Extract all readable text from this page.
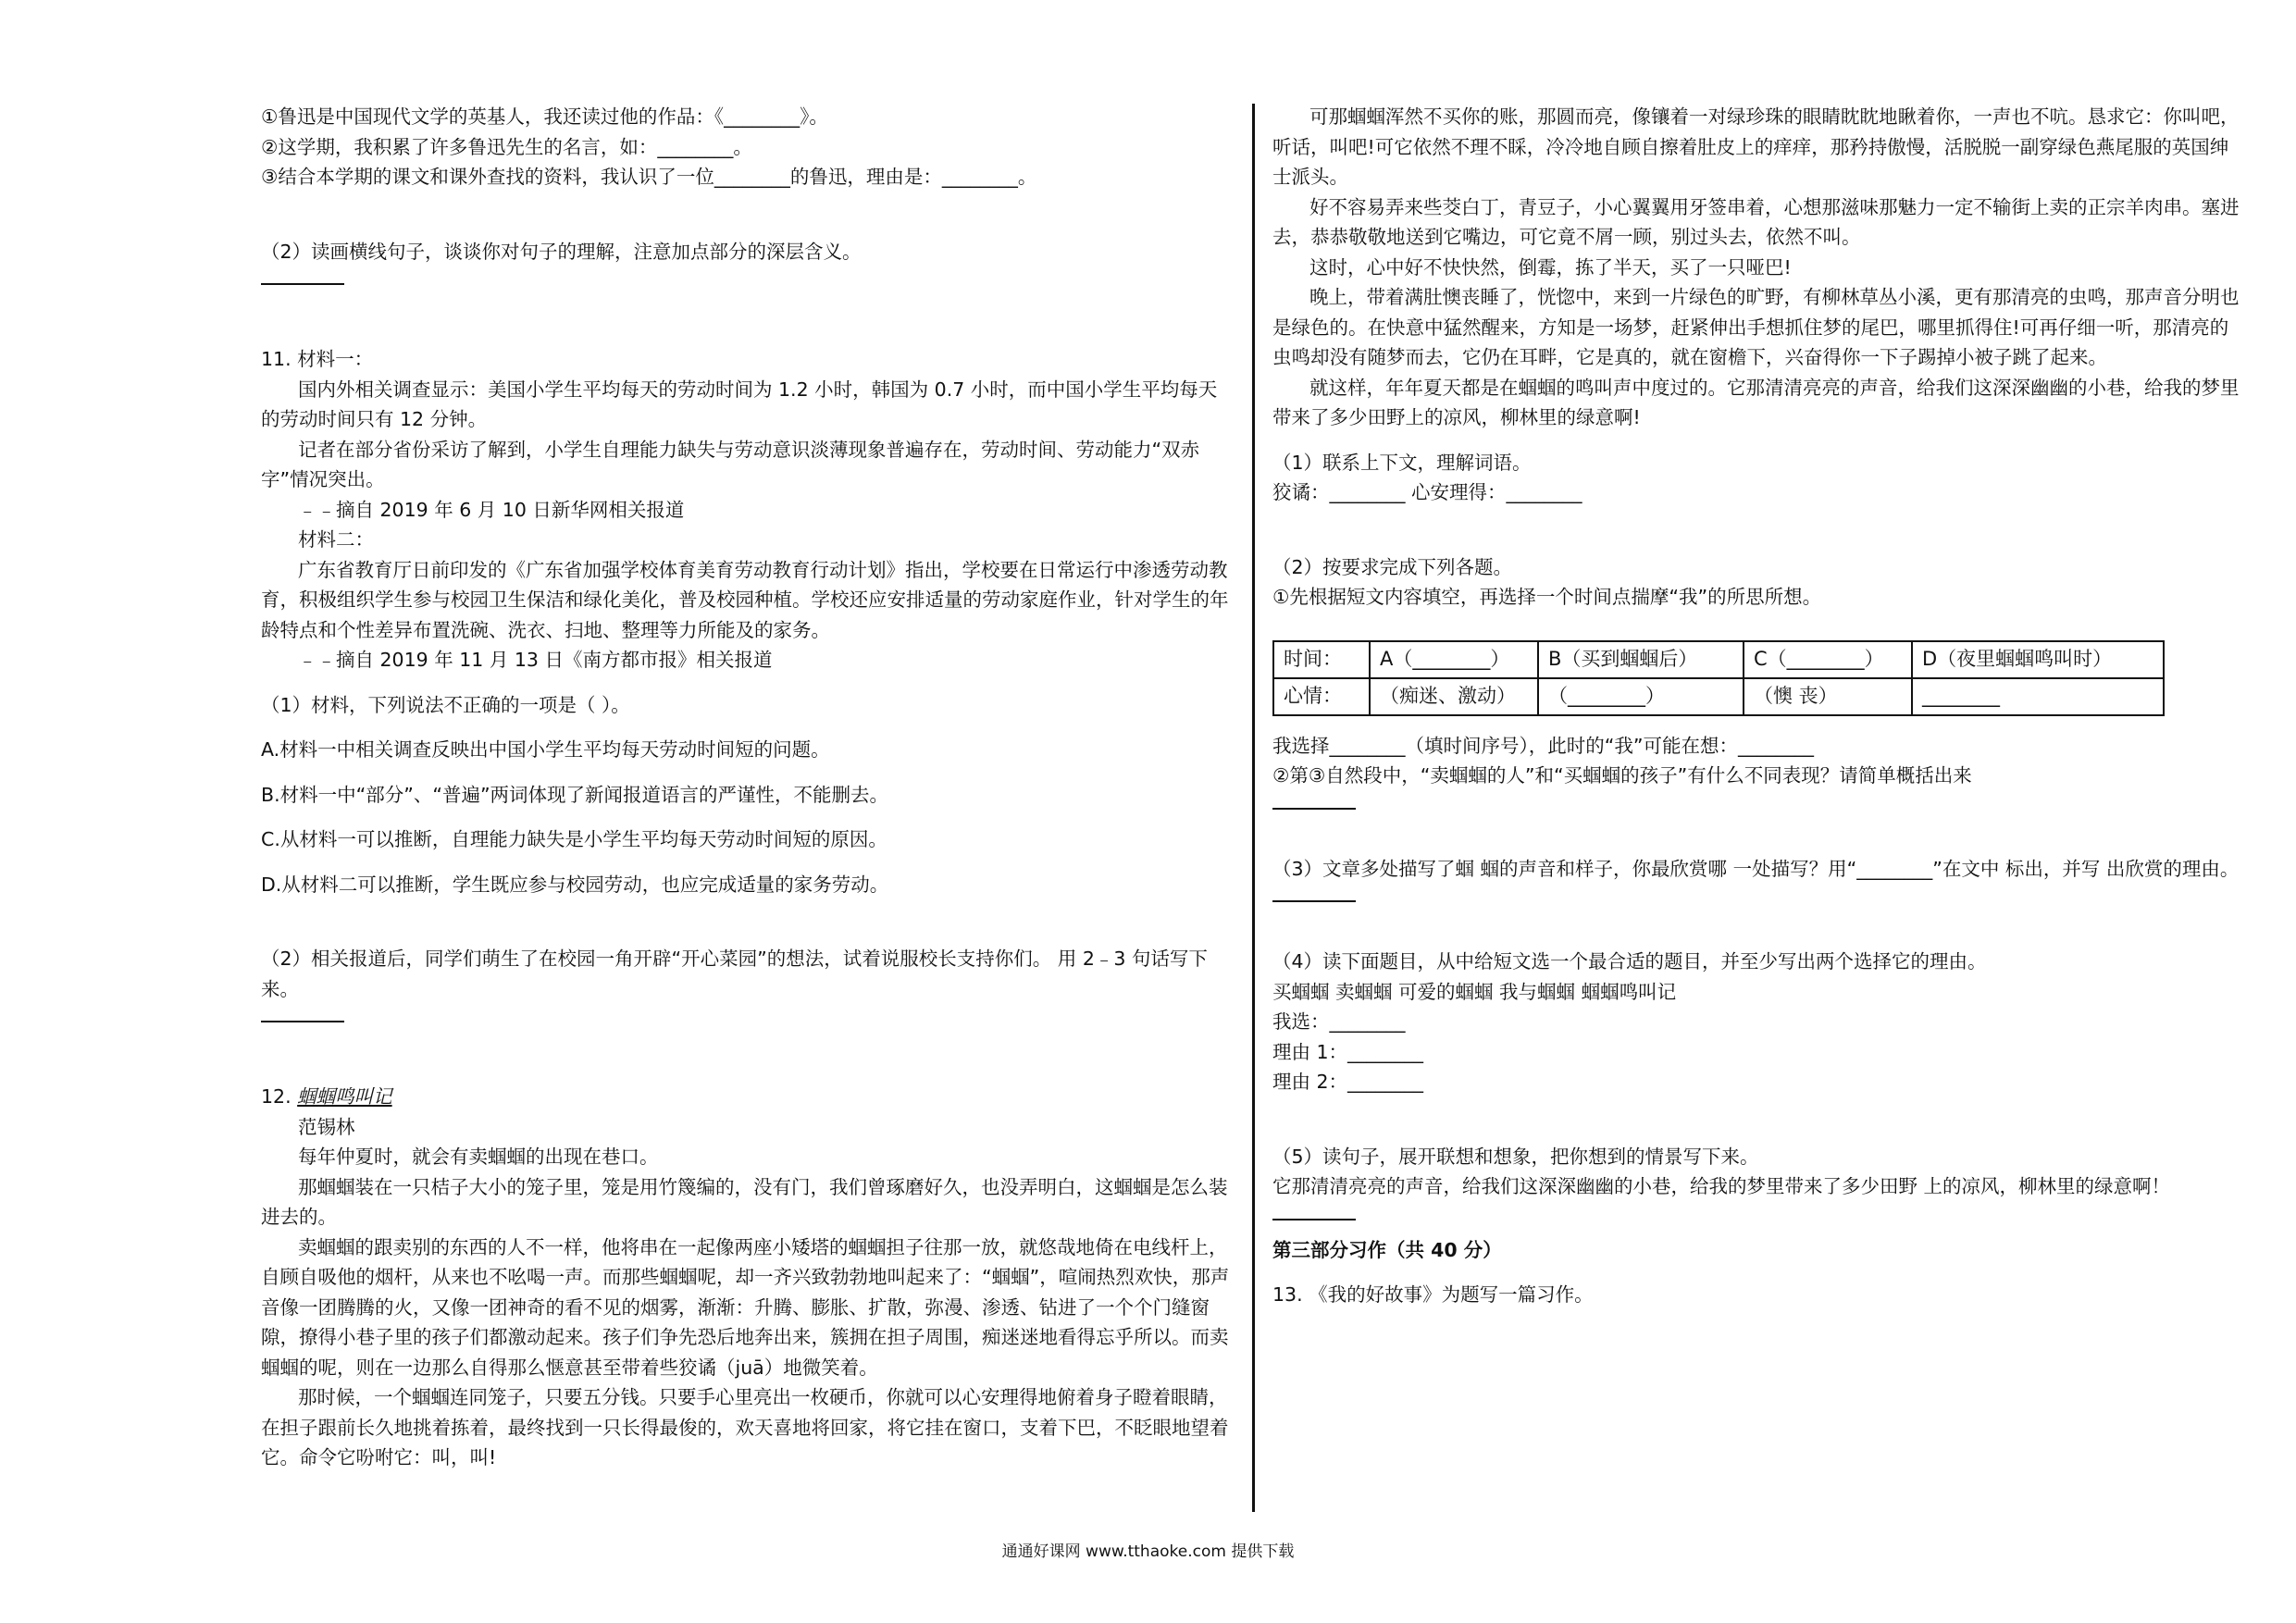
①鲁迅是中国现代文学的英基人，我还读过他的作品：《________》。

②这学期，我积累了许多鲁迅先生的名言，如：________。

③结合本学期的课文和课外查找的资料，我认识了一位________的鲁迅，理由是：________。

（2）读画横线句子，谈谈你对句子的理解，注意加点部分的深层含义。

11. 材料一：

国内外相关调查显示：美国小学生平均每天的劳动时间为 1.2 小时，韩国为 0.7 小时，而中国小学生平均每天的劳动时间只有 12 分钟。

记者在部分省份采访了解到，小学生自理能力缺失与劳动意识淡薄现象普遍存在，劳动时间、劳动能力“双赤字”情况突出。

﹣﹣摘自 2019 年 6 月 10 日新华网相关报道

材料二：

广东省教育厅日前印发的《广东省加强学校体育美育劳动教育行动计划》指出，学校要在日常运行中渗透劳动教育，积极组织学生参与校园卫生保洁和绿化美化，普及校园种植。学校还应安排适量的劳动家庭作业，针对学生的年龄特点和个性差异布置洗碗、洗衣、扫地、整理等力所能及的家务。

﹣﹣摘自 2019 年 11 月 13 日《南方都市报》相关报道

（1）材料，下列说法不正确的一项是（ ）。

A.材料一中相关调查反映出中国小学生平均每天劳动时间短的问题。

B.材料一中“部分”、“普遍”两词体现了新闻报道语言的严谨性，不能删去。

C.从材料一可以推断，自理能力缺失是小学生平均每天劳动时间短的原因。

D.从材料二可以推断，学生既应参与校园劳动，也应完成适量的家务劳动。

（2）相关报道后，同学们萌生了在校园一角开辟“开心菜园”的想法，试着说服校长支持你们。 用 2﹣3 句话写下来。

12. 蝈蝈鸣叫记

范锡林

每年仲夏时，就会有卖蝈蝈的出现在巷口。

那蝈蝈装在一只桔子大小的笼子里，笼是用竹篾编的，没有门，我们曾琢磨好久，也没弄明白，这蝈蝈是怎么装进去的。

卖蝈蝈的跟卖别的东西的人不一样，他将串在一起像两座小矮塔的蝈蝈担子往那一放，就悠哉地倚在电线杆上，自顾自吸他的烟杆，从来也不吆喝一声。而那些蝈蝈呢，却一齐兴致勃勃地叫起来了：“蝈蝈”，喧闹热烈欢快，那声音像一团腾腾的火，又像一团神奇的看不见的烟雾，渐渐：升腾、膨胀、扩散，弥漫、渗透、钻进了一个个门缝窗隙，撩得小巷子里的孩子们都激动起来。孩子们争先恐后地奔出来，簇拥在担子周围，痴迷迷地看得忘乎所以。而卖蝈蝈的呢，则在一边那么自得那么惬意甚至带着些狡谲（juā）地微笑着。

那时候，一个蝈蝈连同笼子，只要五分钱。只要手心里亮出一枚硬币，你就可以心安理得地俯着身子瞪着眼睛，在担子跟前长久地挑着拣着，最终找到一只长得最俊的，欢天喜地将回家，将它挂在窗口，支着下巴，不眨眼地望着它。命令它吩咐它：叫，叫!

可那蝈蝈浑然不买你的账，那圆而亮，像镶着一对绿珍珠的眼睛眈眈地瞅着你，一声也不吭。恳求它：你叫吧，听话，叫吧!可它依然不理不睬，冷冷地自顾自擦着肚皮上的痒痒，那矜持傲慢，活脱脱一副穿绿色燕尾服的英国绅士派头。

好不容易弄来些茭白丁，青豆子，小心翼翼用牙签串着，心想那滋味那魅力一定不输街上卖的正宗羊肉串。塞进去，恭恭敬敬地送到它嘴边，可它竟不屑一顾，别过头去，依然不叫。

这时，心中好不快快然，倒霉，拣了半天，买了一只哑巴!

晚上，带着满肚懊丧睡了，恍惚中，来到一片绿色的旷野，有柳林草丛小溪，更有那清亮的虫鸣，那声音分明也是绿色的。在快意中猛然醒来，方知是一场梦，赶紧伸出手想抓住梦的尾巴，哪里抓得住!可再仔细一听，那清亮的虫鸣却没有随梦而去，它仍在耳畔，它是真的，就在窗檐下，兴奋得你一下子踢掉小被子跳了起来。

就这样，年年夏天都是在蝈蝈的鸣叫声中度过的。它那清清亮亮的声音，给我们这深深幽幽的小巷，给我的梦里带来了多少田野上的凉风，柳林里的绿意啊!

（1）联系上下文，理解词语。

狡谲：________ 心安理得：________

（2）按要求完成下列各题。

①先根据短文内容填空，再选择一个时间点揣摩“我”的所思所想。

时间：	A（________）	B（买到蝈蝈后）	C（________）	D（夜里蝈蝈鸣叫时）
心情：	（痴迷、激动）	（________）	（懊 丧）	________

我选择________（填时间序号），此时的“我”可能在想：________

②第③自然段中，“卖蝈蝈的人”和“买蝈蝈的孩子”有什么不同表现？请简单概括出来

（3）文章多处描写了蝈 蝈的声音和样子，你最欣赏哪 一处描写？用“________”在文中 标出，并写 出欣赏的理由。

（4）读下面题目，从中给短文选一个最合适的题目，并至少写出两个选择它的理由。

买蝈蝈 卖蝈蝈 可爱的蝈蝈 我与蝈蝈 蝈蝈鸣叫记

我选：________

理由 1：________

理由 2：________

（5）读句子，展开联想和想象，把你想到的情景写下来。

它那清清亮亮的声音，给我们这深深幽幽的小巷，给我的梦里带来了多少田野 上的凉风，柳林里的绿意啊！

第三部分习作（共 40 分）

13. 《我的好故事》为题写一篇习作。

通通好课网 www.tthaoke.com 提供下载
